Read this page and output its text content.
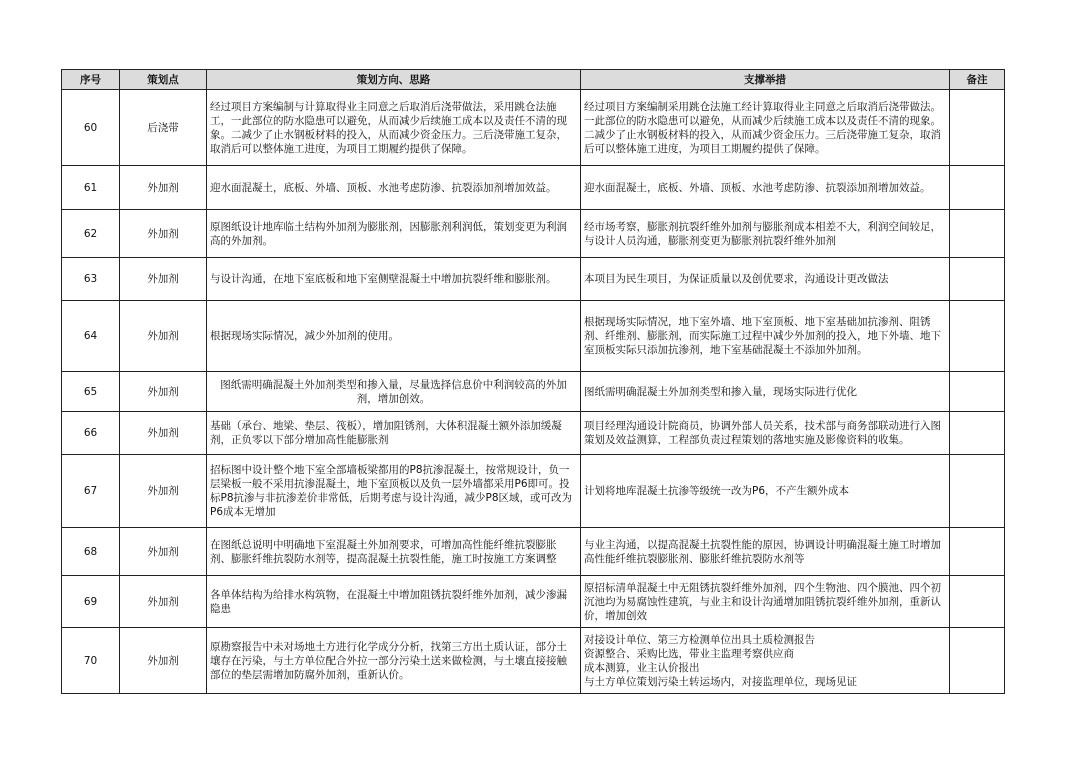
序号	策划点	策划方向、思路	支撑举措	备注
60	后浇带	经过项目方案编制与计算取得业主同意之后取消后浇带做法，采用跳仓法施工，一此部位的防水隐患可以避免，从而减少后续施工成本以及责任不清的现象。二减少了止水钢板材料的投入，从而减少资金压力。三后浇带施工复杂，取消后可以整体施工进度，为项目工期履约提供了保障。	经过项目方案编制采用跳仓法施工经计算取得业主同意之后取消后浇带做法。一此部位的防水隐患可以避免，从而减少后续施工成本以及责任不清的现象。二减少了止水钢板材料的投入，从而减少资金压力。三后浇带施工复杂，取消后可以整体施工进度，为项目工期履约提供了保障。	
61	外加剂	迎水面混凝土，底板、外墙、顶板、水池考虑防渗、抗裂添加剂增加效益。	迎水面混凝土，底板、外墙、顶板、水池考虑防渗、抗裂添加剂增加效益。	
62	外加剂	原图纸设计地库临土结构外加剂为膨胀剂，因膨胀剂利润低，策划变更为利润高的外加剂。	经市场考察，膨胀剂抗裂纤维外加剂与膨胀剂成本相差不大，利润空间较足，与设计人员沟通，膨胀剂变更为膨胀剂抗裂纤维外加剂	
63	外加剂	与设计沟通，在地下室底板和地下室侧壁混凝土中增加抗裂纤维和膨胀剂。	本项目为民生项目，为保证质量以及创优要求，沟通设计更改做法	
64	外加剂	根据现场实际情况，减少外加剂的使用。	根据现场实际情况，地下室外墙、地下室顶板、地下室基础加抗渗剂、阻锈剂、纤维剂、膨胀剂，而实际施工过程中减少外加剂的投入，地下外墙、地下室顶板实际只添加抗渗剂，地下室基础混凝土不添加外加剂。	
65	外加剂	图纸需明确混凝土外加剂类型和掺入量，尽量选择信息价中利润较高的外加剂，增加创效。	图纸需明确混凝土外加剂类型和掺入量，现场实际进行优化	
66	外加剂	基础（承台、地梁、垫层、筏板），增加阻锈剂，大体积混凝土额外添加缓凝剂，正负零以下部分增加高性能膨胀剂	项目经理沟通设计院商员，协调外部人员关系，技术部与商务部联动进行入图策划及效益测算，工程部负责过程策划的落地实施及影像资料的收集。	
67	外加剂	招标图中设计整个地下室全部墙板梁都用的P8抗渗混凝土，按常规设计，负一层梁板一般不采用抗渗混凝土，地下室顶板以及负一层外墙都采用P6即可。投标P8抗渗与非抗渗差价非常低，后期考虑与设计沟通，减少P8区域，或可改为P6成本无增加	计划将地库混凝土抗渗等级统一改为P6，不产生额外成本	
68	外加剂	在图纸总说明中明确地下室混凝土外加剂要求，可增加高性能纤维抗裂膨胀剂、膨胀纤维抗裂防水剂等，提高混凝土抗裂性能，施工时按施工方案调整	与业主沟通，以提高混凝土抗裂性能的原因，协调设计明确混凝土施工时增加高性能纤维抗裂膨胀剂、膨胀纤维抗裂防水剂等	
69	外加剂	各单体结构为给排水构筑物，在混凝土中增加阻锈抗裂纤维外加剂，减少渗漏隐患	原招标清单混凝土中无阻锈抗裂纤维外加剂，四个生物池、四个膜池、四个初沉池均为易腐蚀性建筑，与业主和设计沟通增加阻锈抗裂纤维外加剂，重新认价，增加创效	
70	外加剂	原勘察报告中未对场地土方进行化学成分分析，找第三方出土质认证，部分土壤存在污染，与土方单位配合外拉一部分污染土送来做检测，与土壤直接接触部位的垫层需增加防腐外加剂，重新认价。	对接设计单位、第三方检测单位出具土质检测报告
资源整合、采购比选，带业主监理考察供应商
成本测算，业主认价报出
与土方单位策划污染土转运场内，对接监理单位，现场见证	
